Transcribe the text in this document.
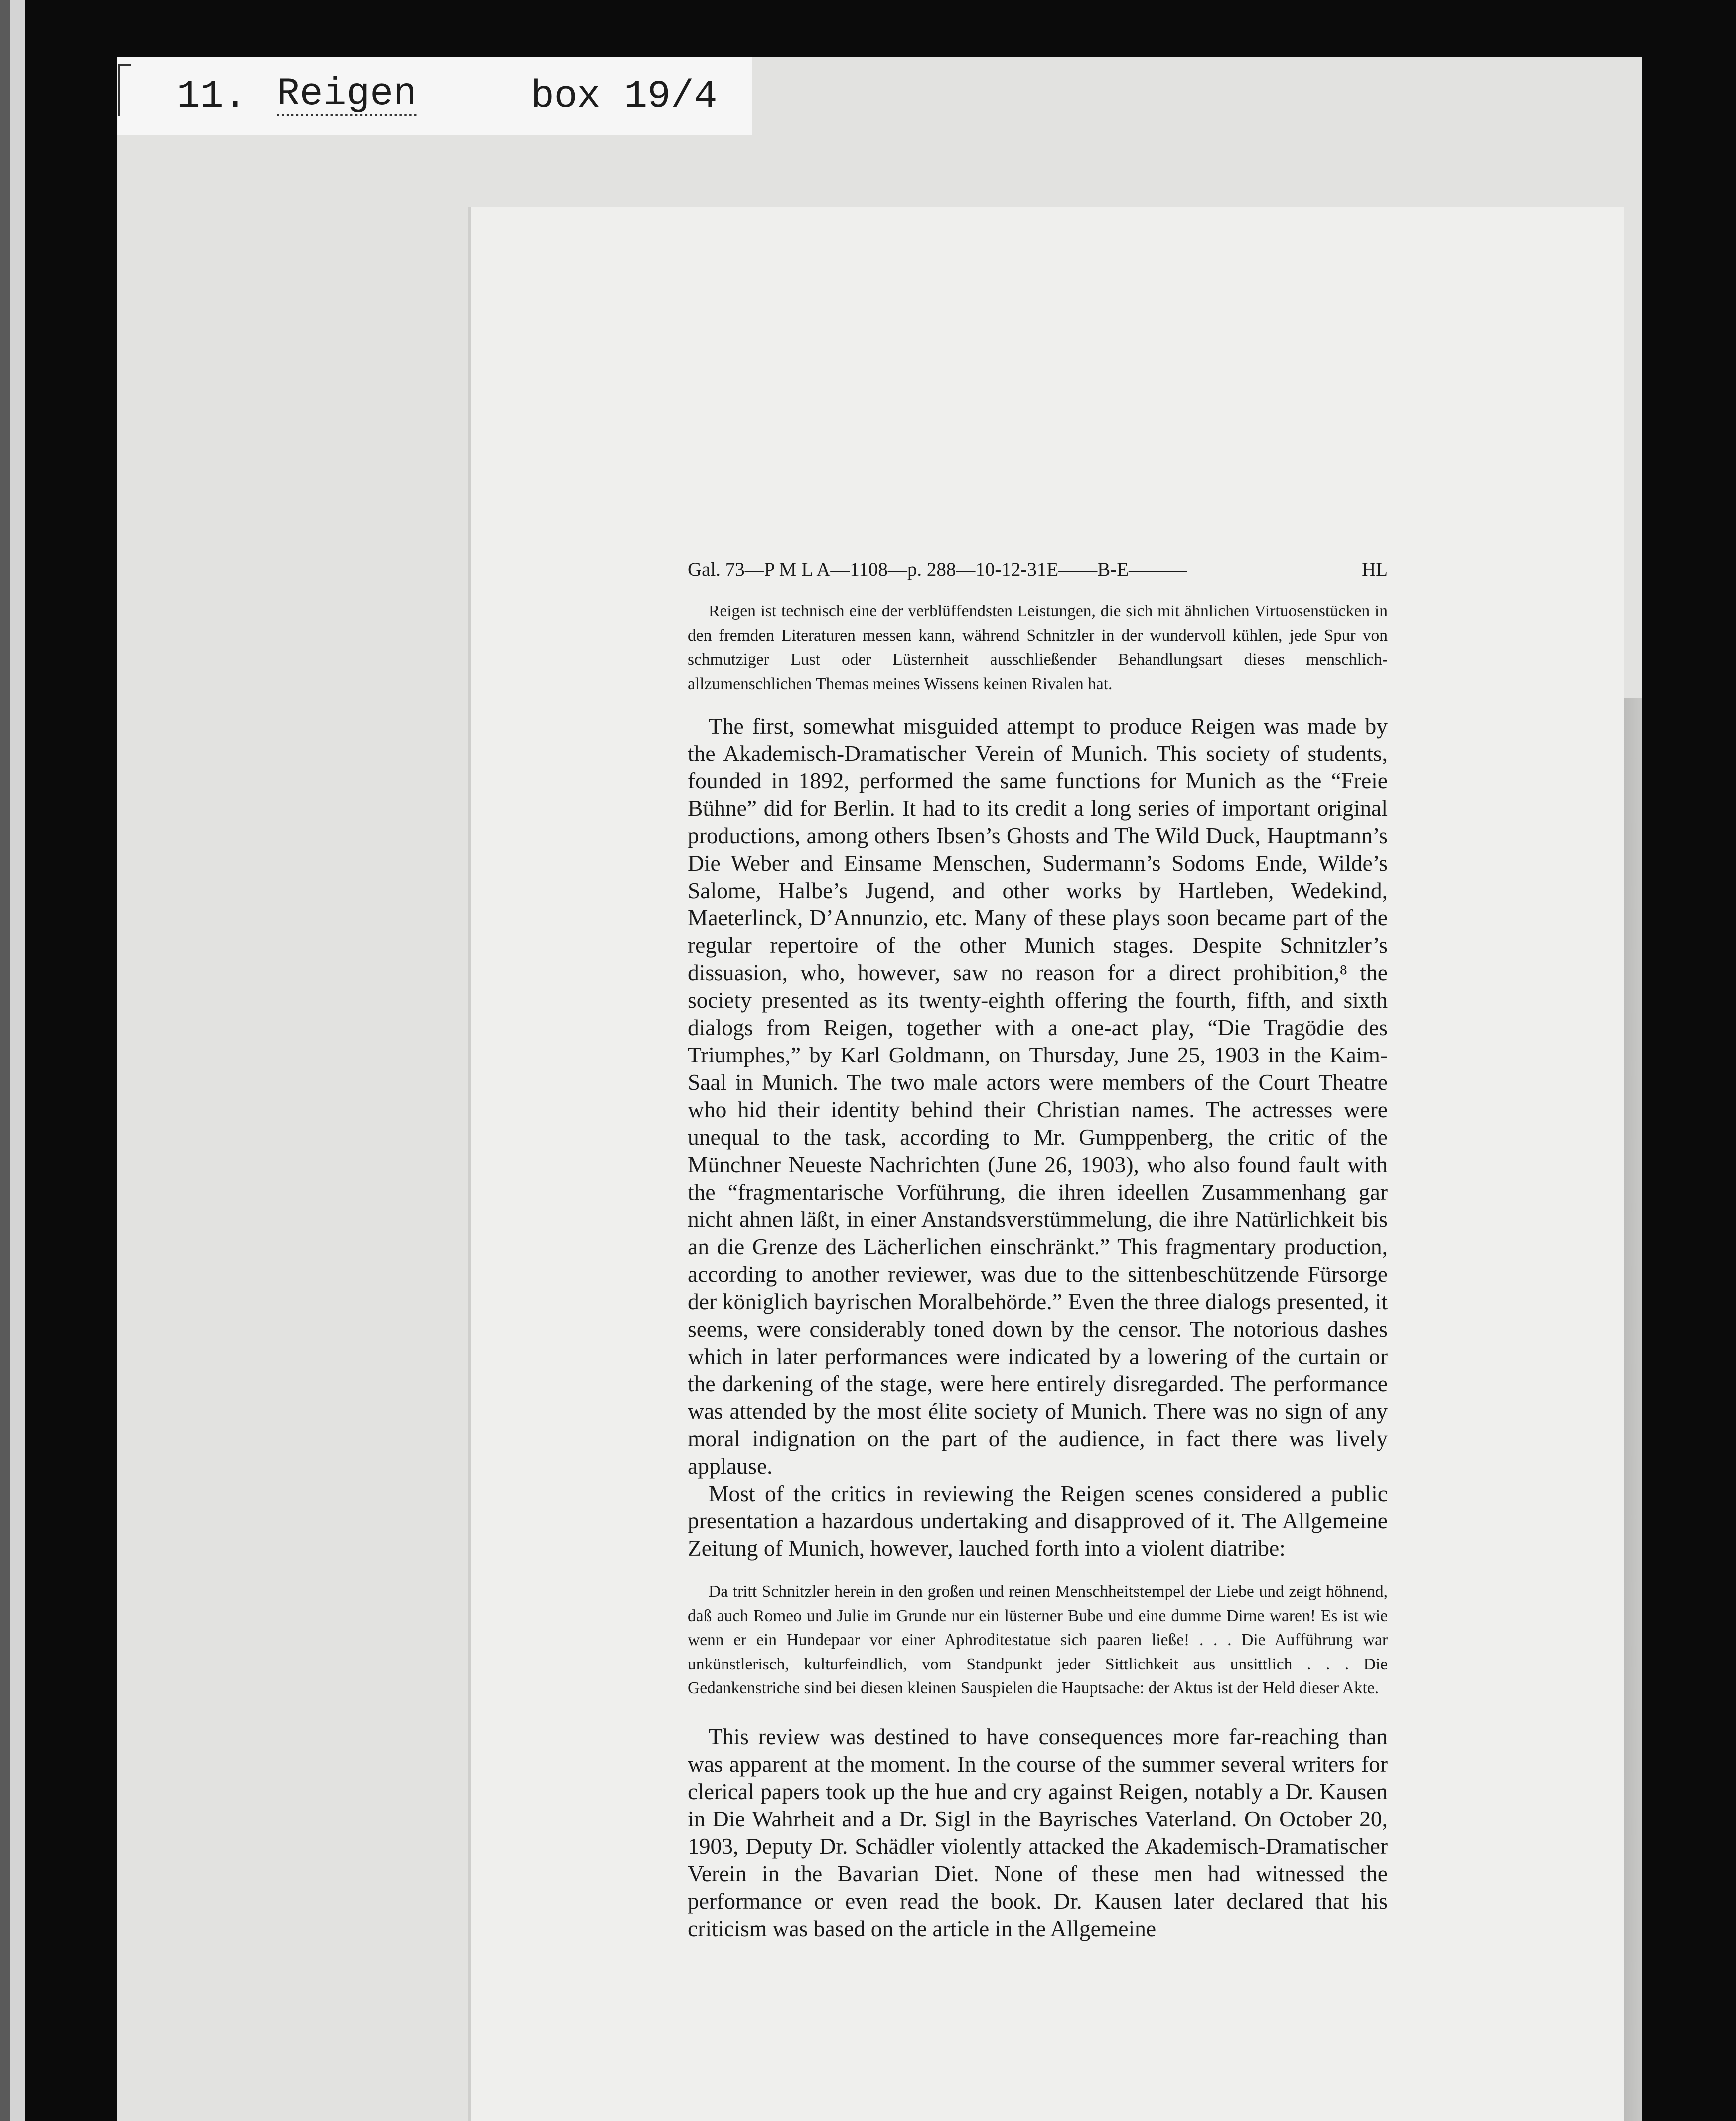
11. Reigen	box 19/4
Gal. 73—P M L A—1108—p. 288—10-12-31E——B-E———	HL

Reigen ist technisch eine der verblüffendsten Leistungen, die sich mit ähnlichen Virtuosenstücken in den fremden Literaturen messen kann, während Schnitzler in der wundervoll kühlen, jede Spur von schmutziger Lust oder Lüsternheit ausschließender Behandlungsart dieses menschlich-allzumenschlichen Themas meines Wissens keinen Rivalen hat.

The first, somewhat misguided attempt to produce Reigen was made by the Akademisch-Dramatischer Verein of Munich. This society of students, founded in 1892, performed the same functions for Munich as the “Freie Bühne” did for Berlin. It had to its credit a long series of important original productions, among others Ibsen’s Ghosts and The Wild Duck, Hauptmann’s Die Weber and Einsame Menschen, Sudermann’s Sodoms Ende, Wilde’s Salome, Halbe’s Jugend, and other works by Hartleben, Wedekind, Maeterlinck, D’Annunzio, etc. Many of these plays soon became part of the regular repertoire of the other Munich stages. Despite Schnitzler’s dissuasion, who, however, saw no reason for a direct prohibition,⁸ the society presented as its twenty-eighth offering the fourth, fifth, and sixth dialogs from Reigen, together with a one-act play, “Die Tragödie des Triumphes,” by Karl Goldmann, on Thursday, June 25, 1903 in the Kaim-Saal in Munich. The two male actors were members of the Court Theatre who hid their identity behind their Christian names. The actresses were unequal to the task, according to Mr. Gumppenberg, the critic of the Münchner Neueste Nachrichten (June 26, 1903), who also found fault with the “fragmentarische Vorführung, die ihren ideellen Zusammenhang gar nicht ahnen läßt, in einer Anstandsverstümmelung, die ihre Natürlichkeit bis an die Grenze des Lächerlichen einschränkt.” This fragmentary production, according to another reviewer, was due to the sittenbeschützende Fürsorge der königlich bayrischen Moralbehörde.” Even the three dialogs presented, it seems, were considerably toned down by the censor. The notorious dashes which in later performances were indicated by a lowering of the curtain or the darkening of the stage, were here entirely disregarded. The performance was attended by the most élite society of Munich. There was no sign of any moral indignation on the part of the audience, in fact there was lively applause.

Most of the critics in reviewing the Reigen scenes considered a public presentation a hazardous undertaking and disapproved of it. The Allgemeine Zeitung of Munich, however, lauched forth into a violent diatribe:

Da tritt Schnitzler herein in den großen und reinen Menschheitstempel der Liebe und zeigt höhnend, daß auch Romeo und Julie im Grunde nur ein lüsterner Bube und eine dumme Dirne waren! Es ist wie wenn er ein Hundepaar vor einer Aphroditestatue sich paaren ließe! . . . Die Aufführung war unkünstlerisch, kulturfeindlich, vom Standpunkt jeder Sittlichkeit aus unsittlich . . . Die Gedankenstriche sind bei diesen kleinen Sauspielen die Hauptsache: der Aktus ist der Held dieser Akte.

This review was destined to have consequences more far-reaching than was apparent at the moment. In the course of the summer several writers for clerical papers took up the hue and cry against Reigen, notably a Dr. Kausen in Die Wahrheit and a Dr. Sigl in the Bayrisches Vaterland. On October 20, 1903, Deputy Dr. Schädler violently attacked the Akademisch-Dramatischer Verein in the Bavarian Diet. None of these men had witnessed the performance or even read the book. Dr. Kausen later declared that his criticism was based on the article in the Allgemeine
